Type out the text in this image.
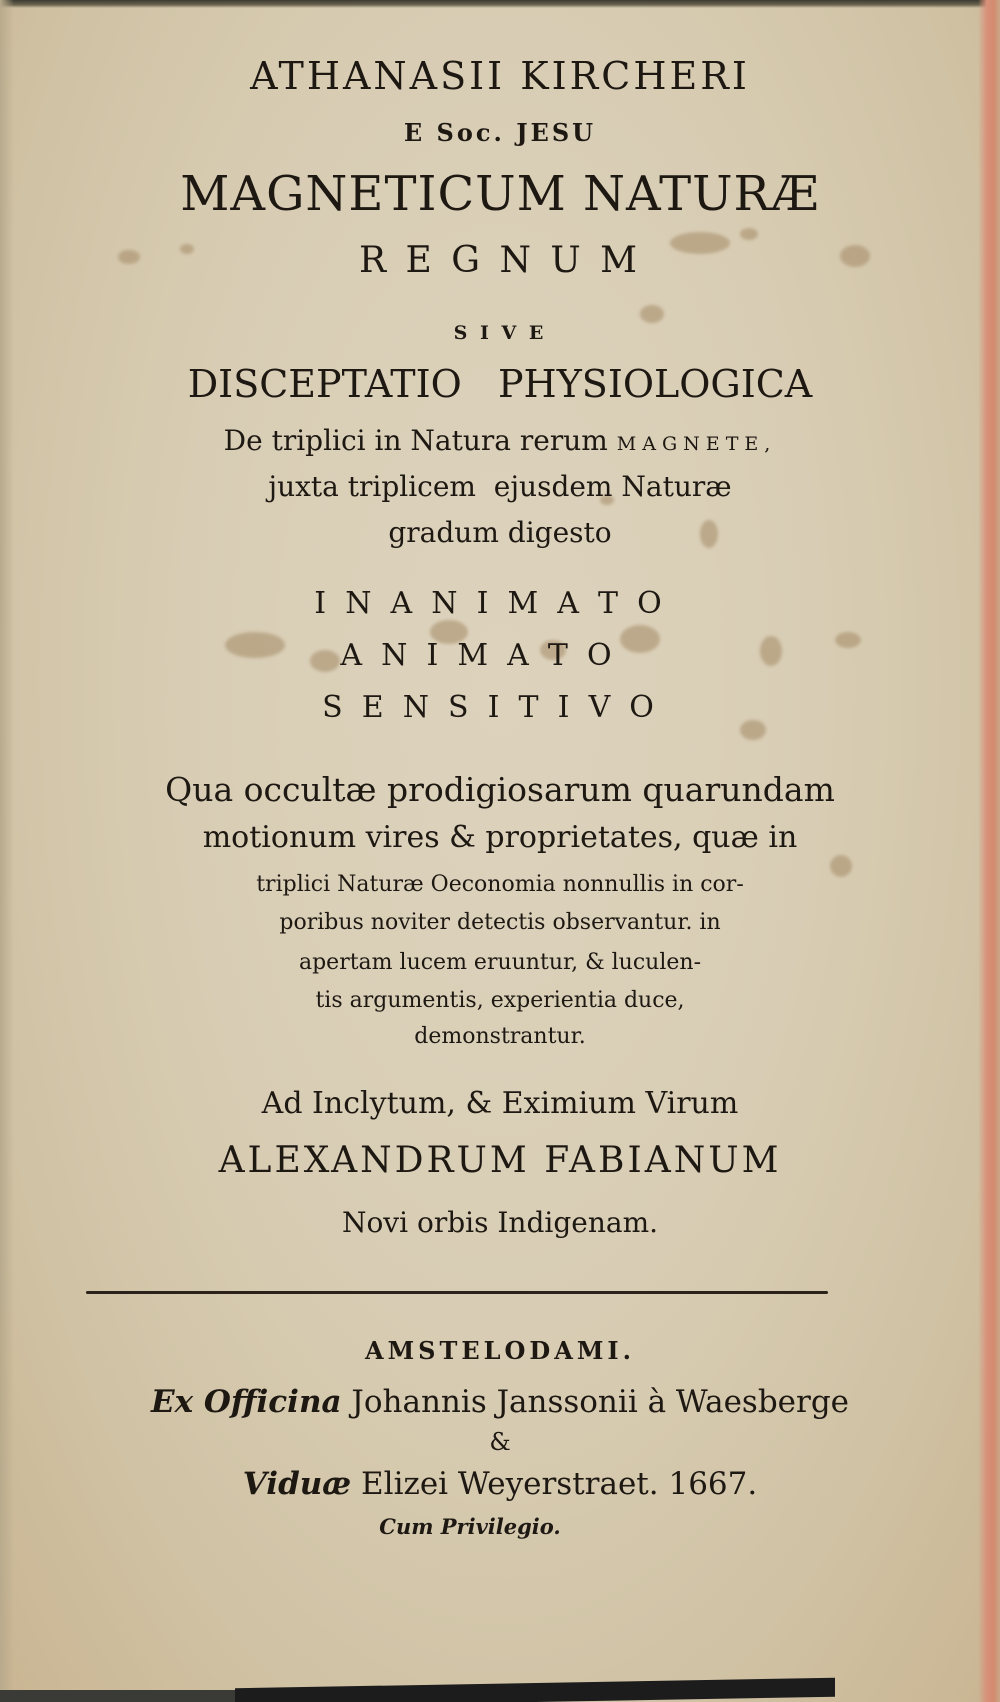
ATHANASII KIRCHERI
E Soc. JESU
MAGNETICUM NATURÆ
R E G N U M
S I V E
DISCEPTATIO   PHYSIOLOGICA
De triplici in Natura rerum MAGNETE,
juxta triplicem  ejusdem Naturæ
gradum digesto
I  N  A  N  I  M  A  T  O
A  N  I  M  A  T  O
S  E  N  S  I  T  I  V  O
Qua occultæ prodigiosarum quarundam
motionum vires & proprietates, quæ in
triplici Naturæ Oeconomia nonnullis in cor-
poribus noviter detectis observantur. in
apertam lucem eruuntur, & luculen-
tis argumentis, experientia duce,
demonstrantur.
Ad Inclytum, & Eximium Virum
ALEXANDRUM FABIANUM
Novi orbis Indigenam.
AMSTELODAMI.
Ex Officina Johannis Janssonii à Waesberge
&
Viduæ Elizei Weyerstraet. 1667.
Cum Privilegio.
